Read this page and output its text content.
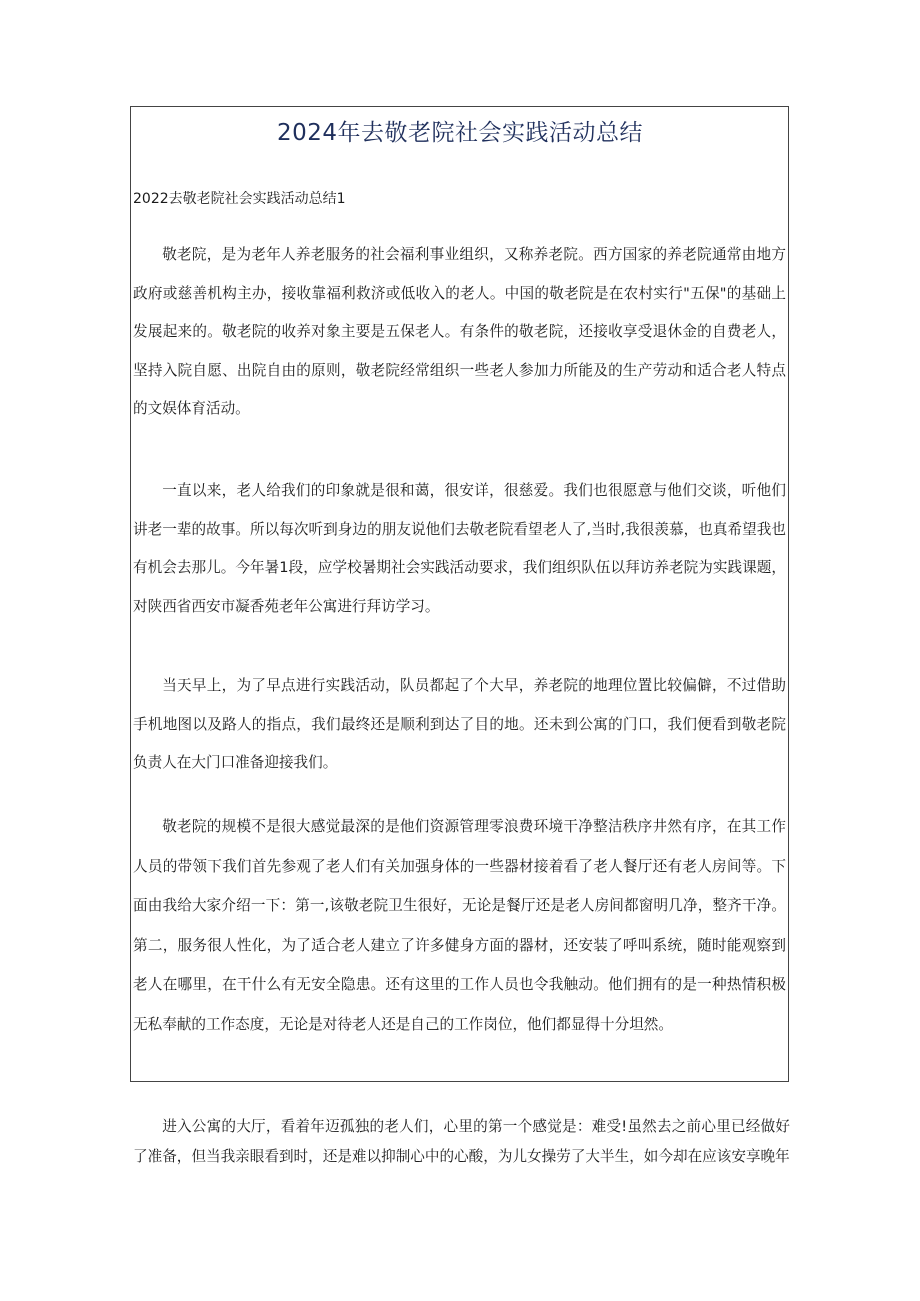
2024年去敬老院社会实践活动总结

2022去敬老院社会实践活动总结1

敬老院，是为老年人养老服务的社会福利事业组织，又称养老院。西方国家的养老院通常由地方政府或慈善机构主办，接收靠福利救济或低收入的老人。中国的敬老院是在农村实行"五保"的基础上发展起来的。敬老院的收养对象主要是五保老人。有条件的敬老院，还接收享受退休金的自费老人，坚持入院自愿、出院自由的原则，敬老院经常组织一些老人参加力所能及的生产劳动和适合老人特点的文娱体育活动。

一直以来，老人给我们的印象就是很和蔼，很安详，很慈爱。我们也很愿意与他们交谈，听他们讲老一辈的故事。所以每次听到身边的朋友说他们去敬老院看望老人了,当时,我很羡慕，也真希望我也有机会去那儿。今年暑1段，应学校暑期社会实践活动要求，我们组织队伍以拜访养老院为实践课题，对陕西省西安市凝香苑老年公寓进行拜访学习。

当天早上，为了早点进行实践活动，队员都起了个大早，养老院的地理位置比较偏僻，不过借助手机地图以及路人的指点，我们最终还是顺利到达了目的地。还未到公寓的门口，我们便看到敬老院负责人在大门口准备迎接我们。

敬老院的规模不是很大感觉最深的是他们资源管理零浪费环境干净整洁秩序井然有序，在其工作人员的带领下我们首先参观了老人们有关加强身体的一些器材接着看了老人餐厅还有老人房间等。下面由我给大家介绍一下：第一,该敬老院卫生很好，无论是餐厅还是老人房间都窗明几净，整齐干净。第二，服务很人性化，为了适合老人建立了许多健身方面的器材，还安装了呼叫系统，随时能观察到老人在哪里，在干什么有无安全隐患。还有这里的工作人员也令我触动。他们拥有的是一种热情积极无私奉献的工作态度，无论是对待老人还是自己的工作岗位，他们都显得十分坦然。

进入公寓的大厅，看着年迈孤独的老人们，心里的第一个感觉是：难受!虽然去之前心里已经做好了准备，但当我亲眼看到时，还是难以抑制心中的心酸，为儿女操劳了大半生，如今却在应该安享晚年
